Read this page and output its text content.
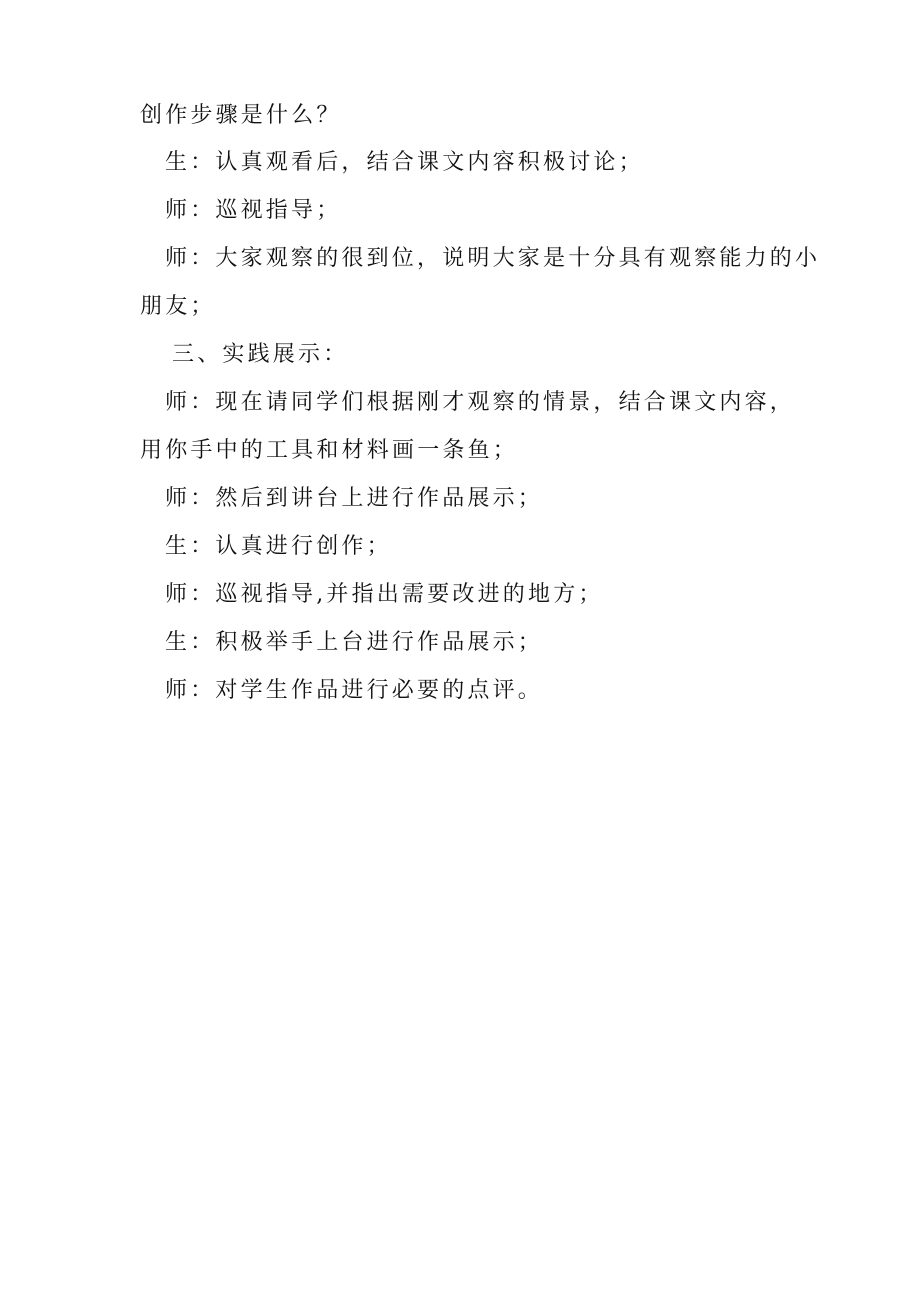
创作步骤是什么？
生：认真观看后，结合课文内容积极讨论；
师：巡视指导；
师：大家观察的很到位，说明大家是十分具有观察能力的小
朋友；
三、实践展示：
师：现在请同学们根据刚才观察的情景，结合课文内容，
用你手中的工具和材料画一条鱼；
师：然后到讲台上进行作品展示；
生：认真进行创作；
师：巡视指导,并指出需要改进的地方；
生：积极举手上台进行作品展示；
师：对学生作品进行必要的点评。
